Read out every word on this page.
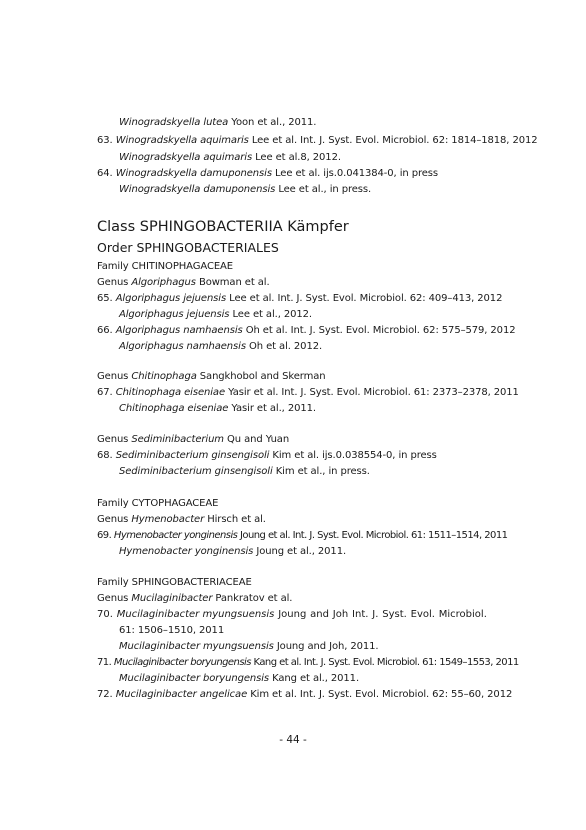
Winogradskyella lutea Yoon et al., 2011.
63. Winogradskyella aquimaris Lee et al. Int. J. Syst. Evol. Microbiol. 62: 1814–1818, 2012
Winogradskyella aquimaris Lee et al.8, 2012.
64. Winogradskyella damuponensis Lee et al. ijs.0.041384-0, in press
Winogradskyella damuponensis Lee et al., in press.
Class SPHINGOBACTERIIA Kämpfer
Order SPHINGOBACTERIALES
Family CHITINOPHAGACEAE
Genus Algoriphagus Bowman et al.
65. Algoriphagus jejuensis Lee et al. Int. J. Syst. Evol. Microbiol. 62: 409–413, 2012
Algoriphagus jejuensis Lee et al., 2012.
66. Algoriphagus namhaensis Oh et al. Int. J. Syst. Evol. Microbiol. 62: 575–579, 2012
Algoriphagus namhaensis Oh et al. 2012.
Genus Chitinophaga Sangkhobol and Skerman
67. Chitinophaga eiseniae Yasir et al. Int. J. Syst. Evol. Microbiol. 61: 2373–2378, 2011
Chitinophaga eiseniae Yasir et al., 2011.
Genus Sediminibacterium Qu and Yuan
68. Sediminibacterium ginsengisoli Kim et al. ijs.0.038554-0, in press
Sediminibacterium ginsengisoli Kim et al., in press.
Family CYTOPHAGACEAE
Genus Hymenobacter Hirsch et al.
69. Hymenobacter yonginensis Joung et al. Int. J. Syst. Evol. Microbiol. 61: 1511–1514, 2011
Hymenobacter yonginensis Joung et al., 2011.
Family SPHINGOBACTERIACEAE
Genus Mucilaginibacter Pankratov et al.
70. Mucilaginibacter myungsuensis Joung and Joh Int. J. Syst. Evol. Microbiol.
61: 1506–1510, 2011
Mucilaginibacter myungsuensis Joung and Joh, 2011.
71. Mucilaginibacter boryungensis Kang et al. Int. J. Syst. Evol. Microbiol. 61: 1549–1553, 2011
Mucilaginibacter boryungensis Kang et al., 2011.
72. Mucilaginibacter angelicae Kim et al. Int. J. Syst. Evol. Microbiol. 62: 55–60, 2012
- 44 -
